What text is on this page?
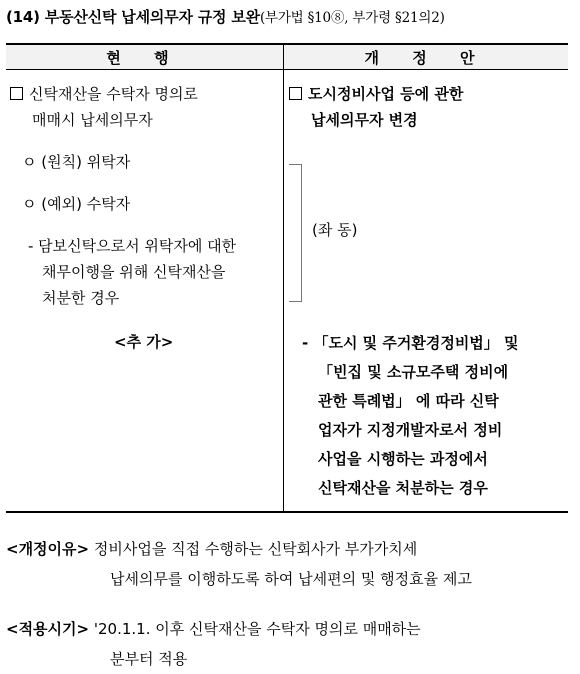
(14) 부동산신탁 납세의무자 규정 보완(부가법 §10⑧, 부가령 §21의2)
현 행	개 정 안
신탁재산을 수탁자 명의로
매매시 납세의무자
ㅇ (원칙) 위탁자
ㅇ (예외) 수탁자
- 담보신탁으로서 위탁자에 대한
채무이행을 위해 신탁재산을
처분한 경우
<추 가>
도시정비사업 등에 관한
납세의무자 변경
(좌 동)
- 「도시 및 주거환경정비법」 및
「빈집 및 소규모주택 정비에
관한 특례법」 에 따라 신탁
업자가 지정개발자로서 정비
사업을 시행하는 과정에서
신탁재산을 처분하는 경우
<개정이유> 정비사업을 직접 수행하는 신탁회사가 부가가치세
납세의무를 이행하도록 하여 납세편의 및 행정효율 제고
<적용시기> '20.1.1. 이후 신탁재산을 수탁자 명의로 매매하는
분부터 적용
